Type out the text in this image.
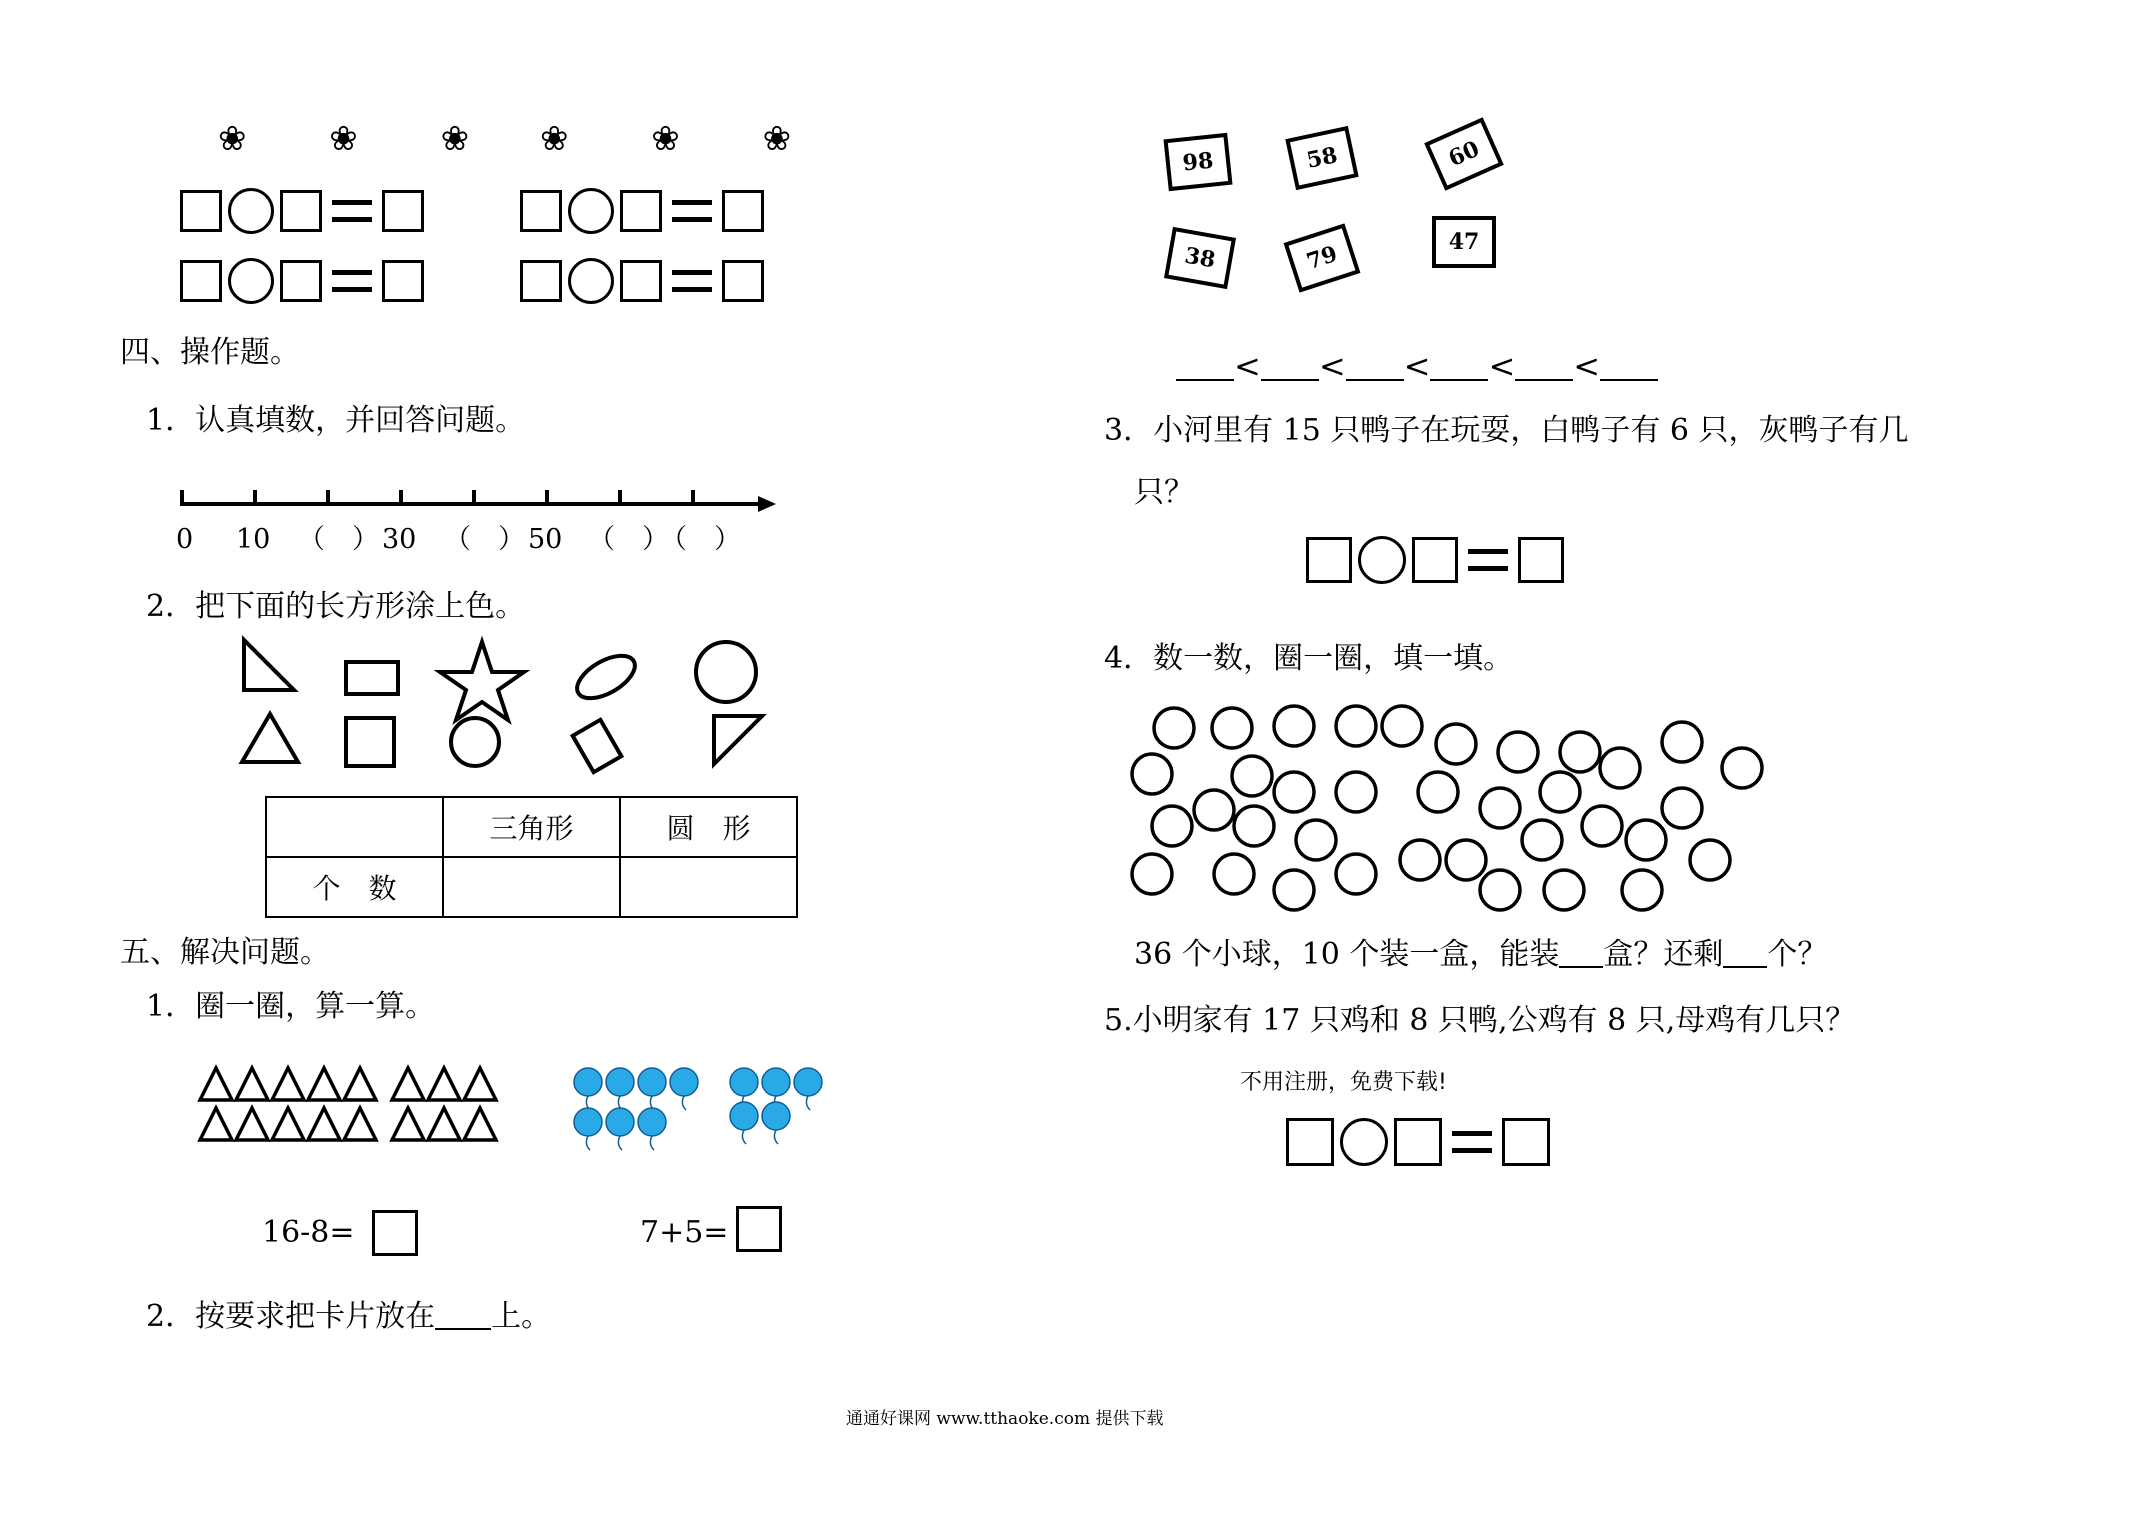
❀ ❀ ❀ ❀ ❀ ❀
四、操作题。
1．认真填数，并回答问题。
0 10 （　） 30 （　） 50 （　）
（　）
2．把下面的长方形涂上色。
	三角形	圆　形
个　数		
五、解决问题。
1．圈一圈，算一算。
16-8=	7+5=
2．按要求把卡片放在 上。
98	58	60
38	79	47
< < < < <
3．小河里有 15 只鸭子在玩耍，白鸭子有 6 只，灰鸭子有几
只？
4．数一数，圈一圈，填一填。
36 个小球，10 个装一盒，能装 盒？还剩 个？
5.小明家有 17 只鸡和 8 只鸭,公鸡有 8 只,母鸡有几只？
不用注册，免费下载!
通通好课网 www.tthaoke.com 提供下载
